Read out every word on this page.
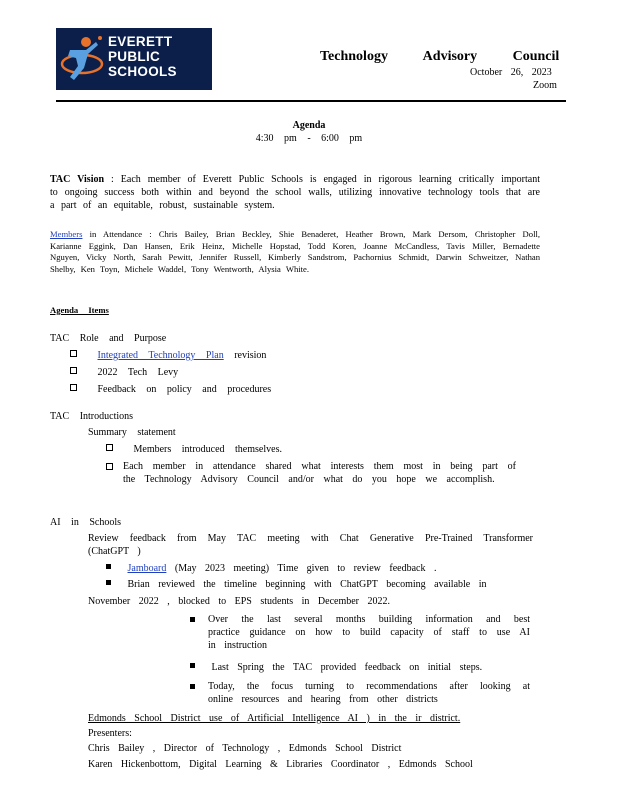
EVERETT
PUBLIC
SCHOOLS
Technology Advisory Council
October 26, 2023
Zoom
Agenda
4:30 pm - 6:00 pm
TAC Vision : Each member of Everett Public Schools is engaged in rigorous learning critically important to ongoing success both within and beyond the school walls, utilizing innovative technology tools that are a part of an equitable, robust, sustainable system.
Members in Attendance : Chris Bailey, Brian Beckley, Shie Benaderet, Heather Brown, Mark Dersom, Christopher Doll, Karianne Eggink, Dan Hansen, Erik Heinz, Michelle Hopstad, Todd Koren, Joanne McCandless, Tavis Miller, Bernadette Nguyen, Vicky North, Sarah Pewitt, Jennifer Russell, Kimberly Sandstrom, Pachornius Schmidt, Darwin Schweitzer, Nathan Shelby, Ken Toyn, Michele Waddel, Tony Wentworth, Alysia White.
Agenda Items
TAC Role and Purpose
Integrated Technology Plan revision
2022 Tech Levy
Feedback on policy and procedures
TAC Introductions
Summary statement
Members introduced themselves.
Each member in attendance shared what interests them most in being part of the Technology Advisory Council and/or what do you hope we accomplish.
AI in Schools
Review feedback from May TAC meeting with Chat Generative Pre-Trained Transformer (ChatGPT )
Jamboard (May 2023 meeting) Time given to review feedback .
Brian reviewed the timeline beginning with ChatGPT becoming available in
November 2022 , blocked to EPS students in December 2022.
Over the last several months building information and best practice guidance on how to build capacity of staff to use AI in instruction
Last Spring the TAC provided feedback on initial steps.
Today, the focus turning to recommendations after looking at online resources and hearing from other districts
Edmonds School District use of Artificial Intelligence AI ) in the ir district.
Presenters:
Chris Bailey , Director of Technology , Edmonds School District
Karen Hickenbottom, Digital Learning & Libraries Coordinator , Edmonds School
